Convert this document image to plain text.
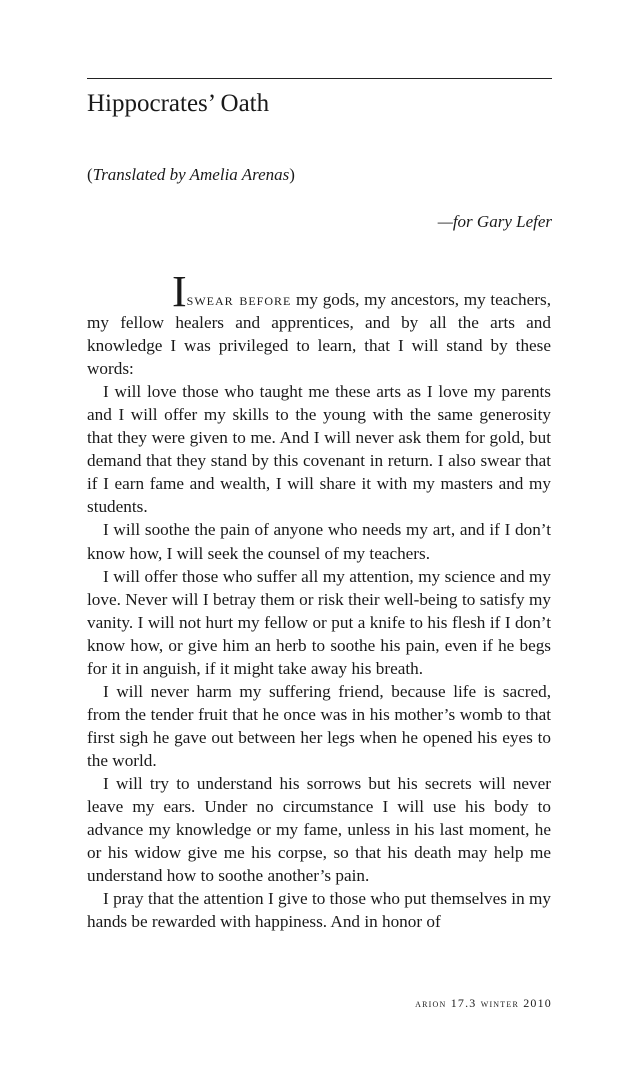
Hippocrates’ Oath
(Translated by Amelia Arenas)
—for Gary Lefer

Iswear before my gods, my ancestors, my teachers, my fellow healers and apprentices, and by all the arts and knowledge I was privileged to learn, that I will stand by these words:

I will love those who taught me these arts as I love my parents and I will offer my skills to the young with the same generosity that they were given to me. And I will never ask them for gold, but demand that they stand by this covenant in return. I also swear that if I earn fame and wealth, I will share it with my masters and my students.

I will soothe the pain of anyone who needs my art, and if I don’t know how, I will seek the counsel of my teachers.

I will offer those who suffer all my attention, my science and my love. Never will I betray them or risk their well-being to satisfy my vanity. I will not hurt my fellow or put a knife to his flesh if I don’t know how, or give him an herb to soothe his pain, even if he begs for it in anguish, if it might take away his breath.

I will never harm my suffering friend, because life is sacred, from the tender fruit that he once was in his mother’s womb to that first sigh he gave out between her legs when he opened his eyes to the world.

I will try to understand his sorrows but his secrets will never leave my ears. Under no circumstance I will use his body to advance my knowledge or my fame, unless in his last moment, he or his widow give me his corpse, so that his death may help me understand how to soothe another’s pain.

I pray that the attention I give to those who put themselves in my hands be rewarded with happiness. And in honor of

arion 17.3 winter 2010
